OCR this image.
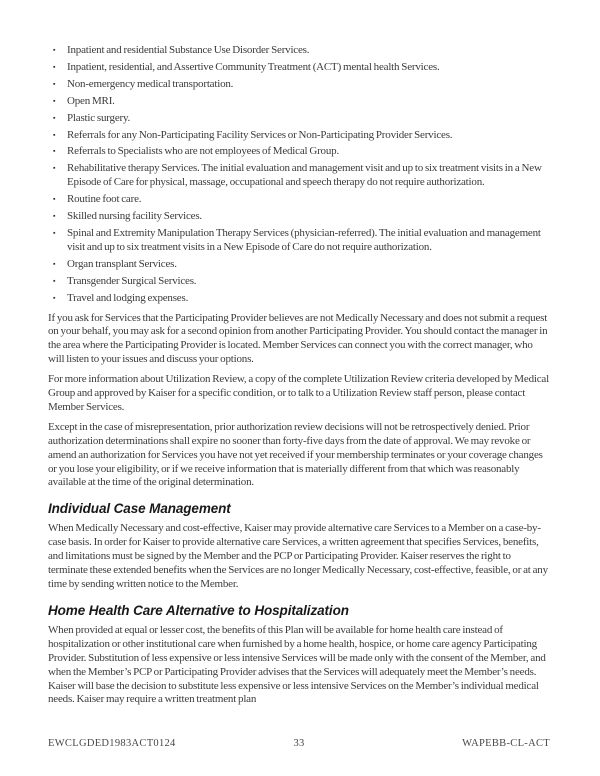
▪ Inpatient and residential Substance Use Disorder Services.
▪ Inpatient, residential, and Assertive Community Treatment (ACT) mental health Services.
▪ Non-emergency medical transportation.
▪ Open MRI.
▪ Plastic surgery.
▪ Referrals for any Non-Participating Facility Services or Non-Participating Provider Services.
▪ Referrals to Specialists who are not employees of Medical Group.
▪ Rehabilitative therapy Services. The initial evaluation and management visit and up to six treatment visits in a New Episode of Care for physical, massage, occupational and speech therapy do not require authorization.
▪ Routine foot care.
▪ Skilled nursing facility Services.
▪ Spinal and Extremity Manipulation Therapy Services (physician-referred). The initial evaluation and management visit and up to six treatment visits in a New Episode of Care do not require authorization.
▪ Organ transplant Services.
▪ Transgender Surgical Services.
▪ Travel and lodging expenses.

If you ask for Services that the Participating Provider believes are not Medically Necessary and does not submit a request on your behalf, you may ask for a second opinion from another Participating Provider. You should contact the manager in the area where the Participating Provider is located. Member Services can connect you with the correct manager, who will listen to your issues and discuss your options.

For more information about Utilization Review, a copy of the complete Utilization Review criteria developed by Medical Group and approved by Kaiser for a specific condition, or to talk to a Utilization Review staff person, please contact Member Services.

Except in the case of misrepresentation, prior authorization review decisions will not be retrospectively denied. Prior authorization determinations shall expire no sooner than forty-five days from the date of approval. We may revoke or amend an authorization for Services you have not yet received if your membership terminates or your coverage changes or you lose your eligibility, or if we receive information that is materially different from that which was reasonably available at the time of the original determination.

Individual Case Management

When Medically Necessary and cost-effective, Kaiser may provide alternative care Services to a Member on a case-by-case basis. In order for Kaiser to provide alternative care Services, a written agreement that specifies Services, benefits, and limitations must be signed by the Member and the PCP or Participating Provider. Kaiser reserves the right to terminate these extended benefits when the Services are no longer Medically Necessary, cost-effective, feasible, or at any time by sending written notice to the Member.

Home Health Care Alternative to Hospitalization

When provided at equal or lesser cost, the benefits of this Plan will be available for home health care instead of hospitalization or other institutional care when furnished by a home health, hospice, or home care agency Participating Provider. Substitution of less expensive or less intensive Services will be made only with the consent of the Member, and when the Member’s PCP or Participating Provider advises that the Services will adequately meet the Member’s needs. Kaiser will base the decision to substitute less expensive or less intensive Services on the Member’s individual medical needs. Kaiser may require a written treatment plan

EWCLGDED1983ACT0124	33	WAPEBB-CL-ACT
